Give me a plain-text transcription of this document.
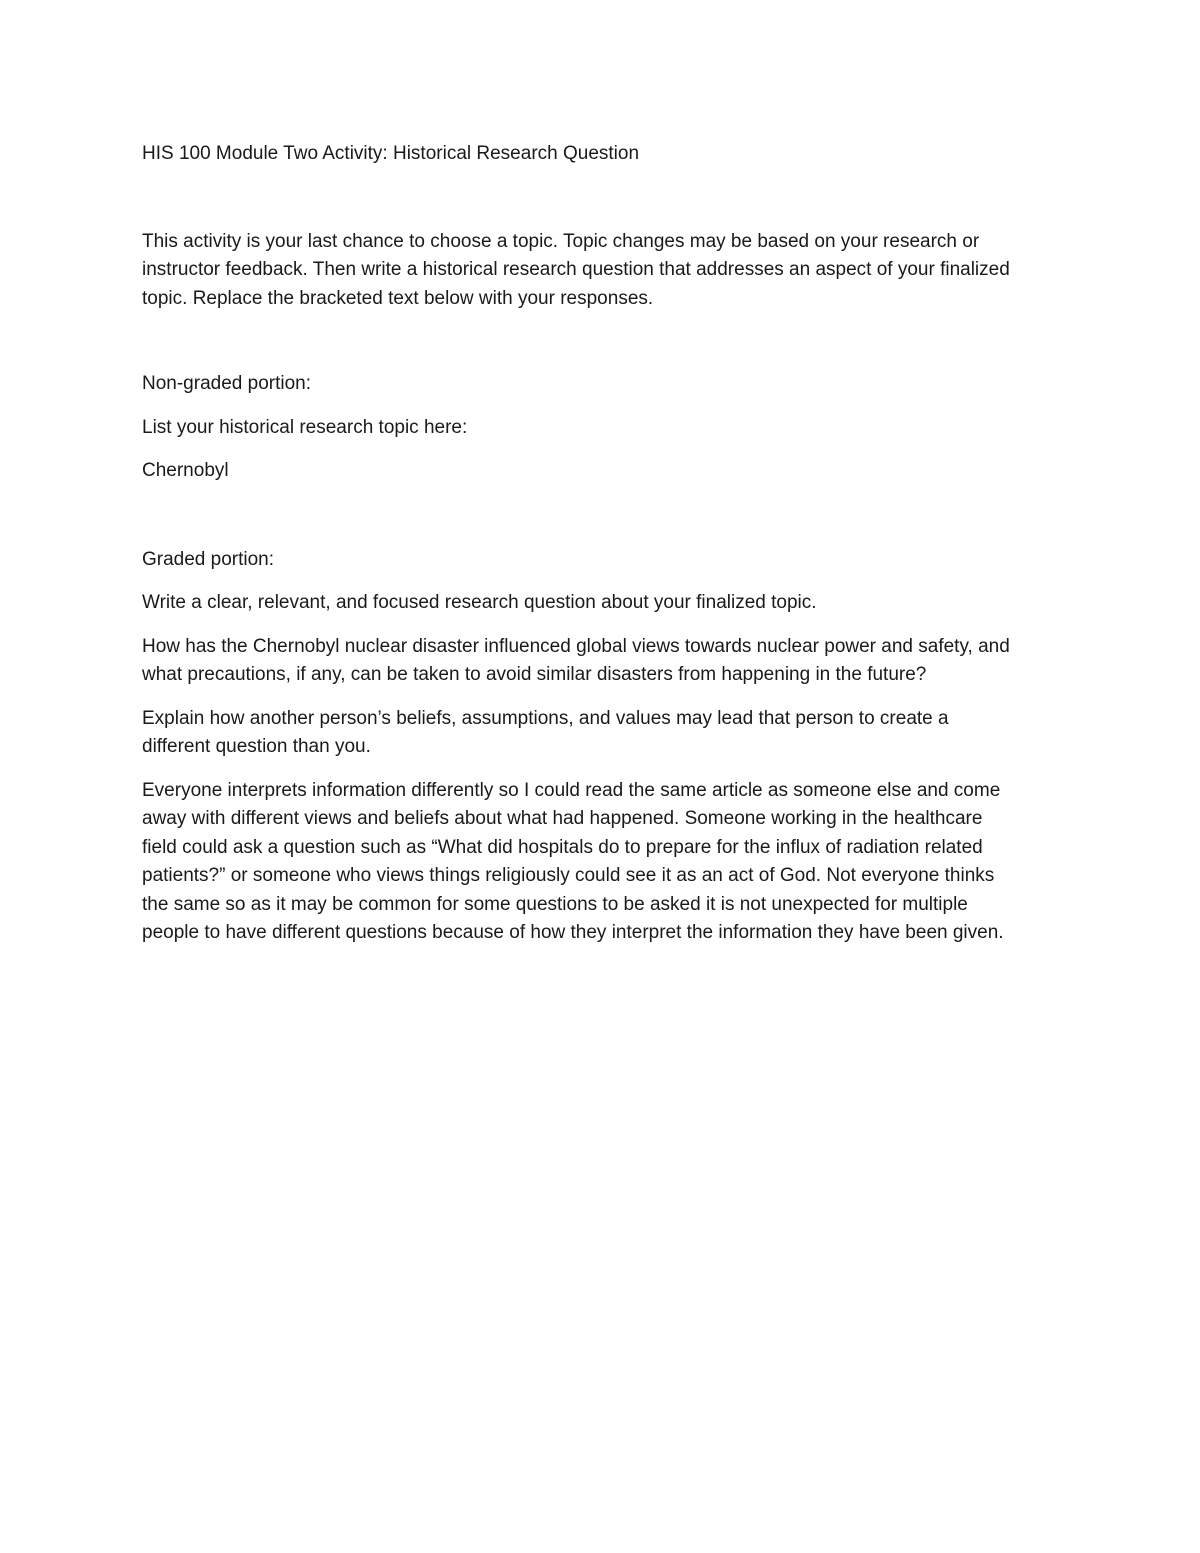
HIS 100 Module Two Activity: Historical Research Question

This activity is your last chance to choose a topic. Topic changes may be based on your research or

instructor feedback. Then write a historical research question that addresses an aspect of your finalized

topic. Replace the bracketed text below with your responses.

Non-graded portion:

List your historical research topic here:

Chernobyl

Graded portion:

Write a clear, relevant, and focused research question about your finalized topic.

How has the Chernobyl nuclear disaster influenced global views towards nuclear power and safety, and

what precautions, if any, can be taken to avoid similar disasters from happening in the future?

Explain how another person’s beliefs, assumptions, and values may lead that person to create a

different question than you.

Everyone interprets information differently so I could read the same article as someone else and come

away with different views and beliefs about what had happened. Someone working in the healthcare

field could ask a question such as “What did hospitals do to prepare for the influx of radiation related

patients?” or someone who views things religiously could see it as an act of God. Not everyone thinks

the same so as it may be common for some questions to be asked it is not unexpected for multiple

people to have different questions because of how they interpret the information they have been given.
